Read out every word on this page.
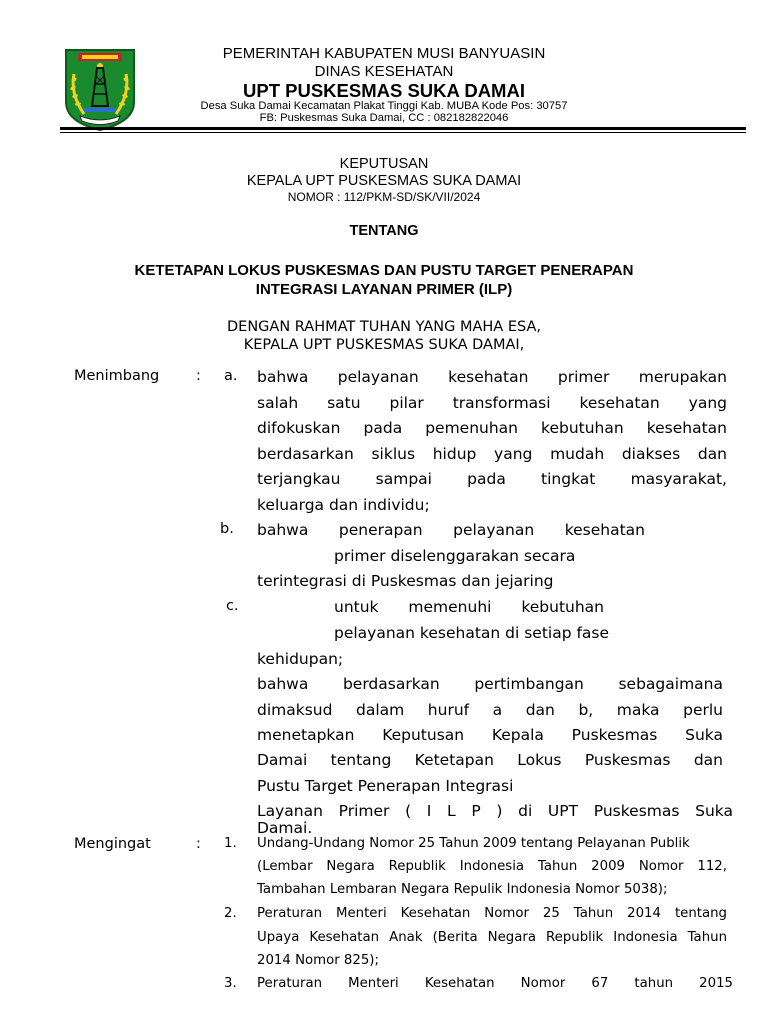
PEMERINTAH KABUPATEN MUSI BANYUASIN
DINAS KESEHATAN
UPT PUSKESMAS SUKA DAMAI
Desa Suka Damai Kecamatan Plakat Tinggi Kab. MUBA Kode Pos: 30757
FB: Puskesmas Suka Damai, CC : 082182822046
KEPUTUSAN
KEPALA UPT PUSKESMAS SUKA DAMAI
NOMOR : 112/PKM-SD/SK/VII/2024
TENTANG
KETETAPAN LOKUS PUSKESMAS DAN PUSTU TARGET PENERAPAN
INTEGRASI LAYANAN PRIMER (ILP)
DENGAN RAHMAT TUHAN YANG MAHA ESA,
KEPALA UPT PUSKESMAS SUKA DAMAI,
Menimbang	: a. bahwa pelayanan kesehatan primer merupakan
salah satu pilar transformasi kesehatan yang
difokuskan pada pemenuhan kebutuhan kesehatan
berdasarkan siklus hidup yang mudah diakses dan
terjangkau sampai pada tingkat masyarakat,
keluarga dan individu;
b. bahwa penerapan pelayanan kesehatan
primer diselenggarakan secara
terintegrasi di Puskesmas dan jejaring
c.	untuk memenuhi kebutuhan
pelayanan kesehatan di setiap fase
kehidupan;
bahwa berdasarkan pertimbangan sebagaimana
dimaksud dalam huruf a dan b, maka perlu
menetapkan Keputusan Kepala Puskesmas Suka
Damai tentang Ketetapan Lokus Puskesmas dan
Pustu Target Penerapan Integrasi
Layanan Primer ( I L P ) di UPT Puskesmas Suka
Damai.
Mengingat	: 1. Undang-Undang Nomor 25 Tahun 2009 tentang Pelayanan Publik
(Lembar Negara Republik Indonesia Tahun 2009 Nomor 112,
Tambahan Lembaran Negara Repulik Indonesia Nomor 5038);
2. Peraturan Menteri Kesehatan Nomor 25 Tahun 2014 tentang
Upaya Kesehatan Anak (Berita Negara Republik Indonesia Tahun
2014 Nomor 825);
3. Peraturan Menteri Kesehatan Nomor 67 tahun 2015
